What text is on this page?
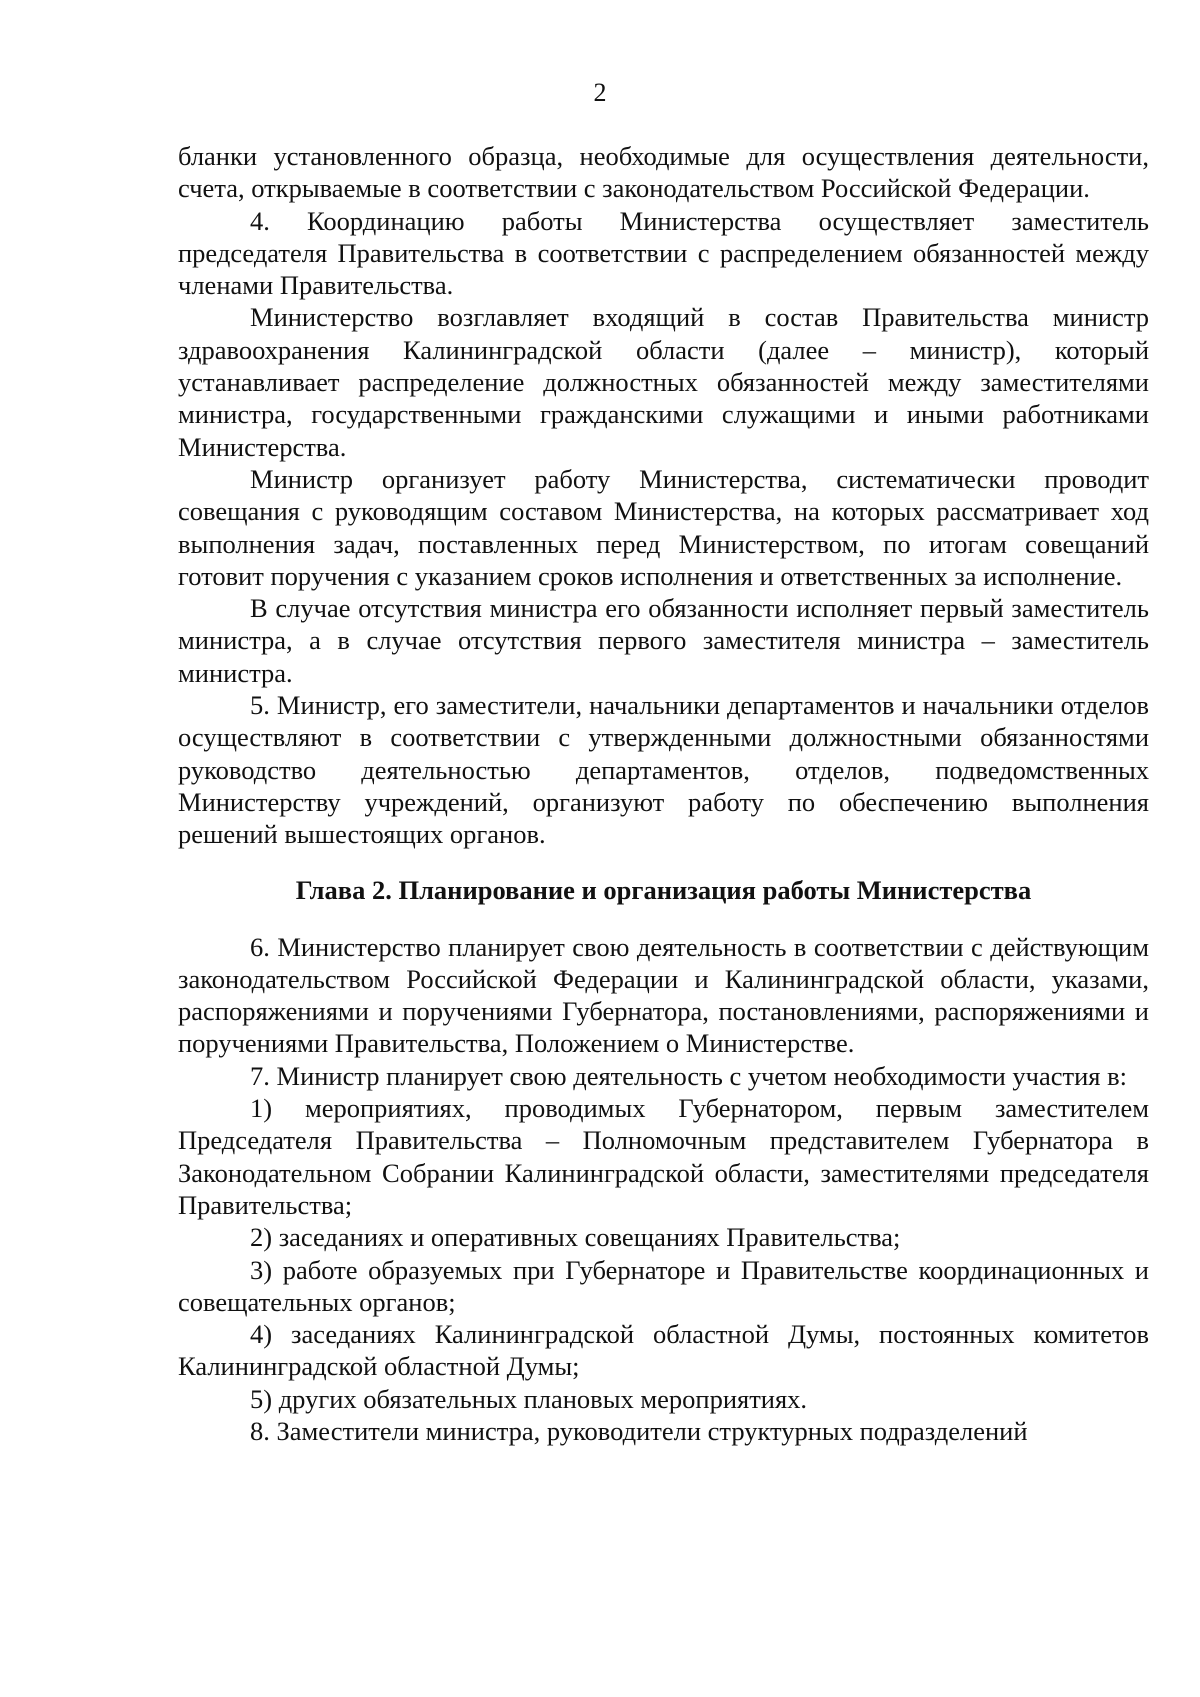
2

бланки установленного образца, необходимые для осуществления деятельности, счета, открываемые в соответствии с законодательством Российской Федерации.

4. Координацию работы Министерства осуществляет заместитель председателя Правительства в соответствии с распределением обязанностей между членами Правительства.

Министерство возглавляет входящий в состав Правительства министр здравоохранения Калининградской области (далее – министр), который устанавливает распределение должностных обязанностей между заместителями министра, государственными гражданскими служащими и иными работниками Министерства.

Министр организует работу Министерства, систематически проводит совещания с руководящим составом Министерства, на которых рассматривает ход выполнения задач, поставленных перед Министерством, по итогам совещаний готовит поручения с указанием сроков исполнения и ответственных за исполнение.

В случае отсутствия министра его обязанности исполняет первый заместитель министра, а в случае отсутствия первого заместителя министра – заместитель министра.

5. Министр, его заместители, начальники департаментов и начальники отделов осуществляют в соответствии с утвержденными должностными обязанностями руководство деятельностью департаментов, отделов, подведомственных Министерству учреждений, организуют работу по обеспечению выполнения решений вышестоящих органов.

Глава 2. Планирование и организация работы Министерства

6. Министерство планирует свою деятельность в соответствии с действующим законодательством Российской Федерации и Калининградской области, указами, распоряжениями и поручениями Губернатора, постановлениями, распоряжениями и поручениями Правительства, Положением о Министерстве.

7. Министр планирует свою деятельность с учетом необходимости участия в:

1) мероприятиях, проводимых Губернатором, первым заместителем Председателя Правительства – Полномочным представителем Губернатора в Законодательном Собрании Калининградской области, заместителями председателя Правительства;

2) заседаниях и оперативных совещаниях Правительства;

3) работе образуемых при Губернаторе и Правительстве координационных и совещательных органов;

4) заседаниях Калининградской областной Думы, постоянных комитетов Калининградской областной Думы;

5) других обязательных плановых мероприятиях.

8. Заместители министра, руководители структурных подразделений
